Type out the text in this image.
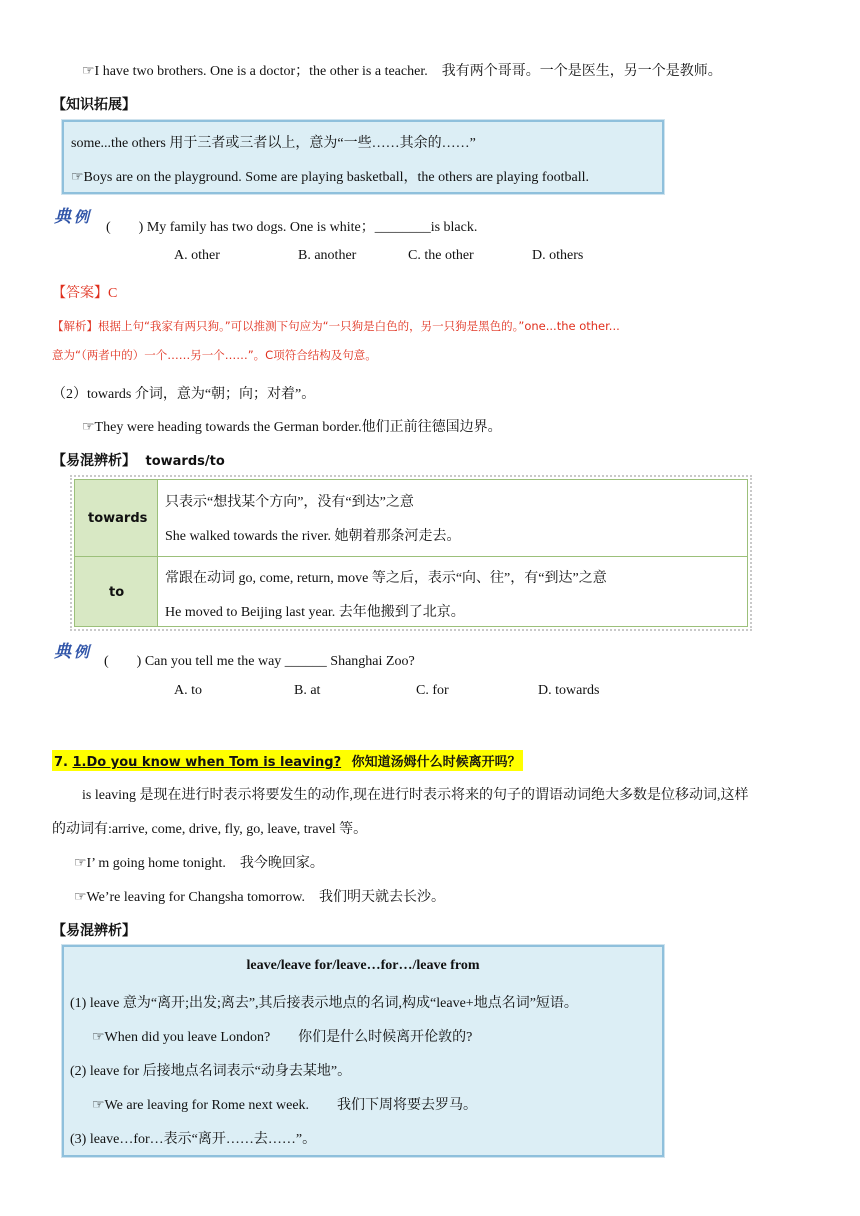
☞I have two brothers. One is a doctor；the other is a teacher.　我有两个哥哥。一个是医生，另一个是教师。
【知识拓展】
some...the others 用于三者或三者以上，意为“一些……其余的……”
☞Boys are on the playground. Some are playing basketball，the others are playing football.
典 例
(　　) My family has two dogs. One is white；________is black.
A. other	B. another	C. the other	D. others
【答案】C
【解析】根据上句“我家有两只狗。”可以推测下句应为“一只狗是白色的，另一只狗是黑色的。”one...the other...
意为“（两者中的）一个……另一个……”。C项符合结构及句意。
（2）towards 介词，意为“朝；向；对着”。
☞They were heading towards the German border.他们正前往德国边界。
【易混辨析】 towards/to
towards
只表示“想找某个方向”，没有“到达”之意
She walked towards the river. 她朝着那条河走去。
to
常跟在动词 go, come, return, move 等之后，表示“向、往”，有“到达”之意
He moved to Beijing last year. 去年他搬到了北京。
典 例
(　　) Can you tell me the way ______ Shanghai Zoo?
A. to	B. at	C. for	D. towards
7. 1.Do you know when Tom is leaving? 你知道汤姆什么时候离开吗？
is leaving 是现在进行时表示将要发生的动作,现在进行时表示将来的句子的谓语动词绝大多数是位移动词,这样
的动词有:arrive, come, drive, fly, go, leave, travel 等。
☞I’ m going home tonight.　我今晚回家。
☞We’re leaving for Changsha tomorrow.　我们明天就去长沙。
【易混辨析】
leave/leave for/leave…for…/leave from
(1) leave 意为“离开;出发;离去”,其后接表示地点的名词,构成“leave+地点名词”短语。
☞When did you leave London?　　你们是什么时候离开伦敦的?
(2) leave for 后接地点名词表示“动身去某地”。
☞We are leaving for Rome next week.　　我们下周将要去罗马。
(3) leave…for…表示“离开……去……”。
